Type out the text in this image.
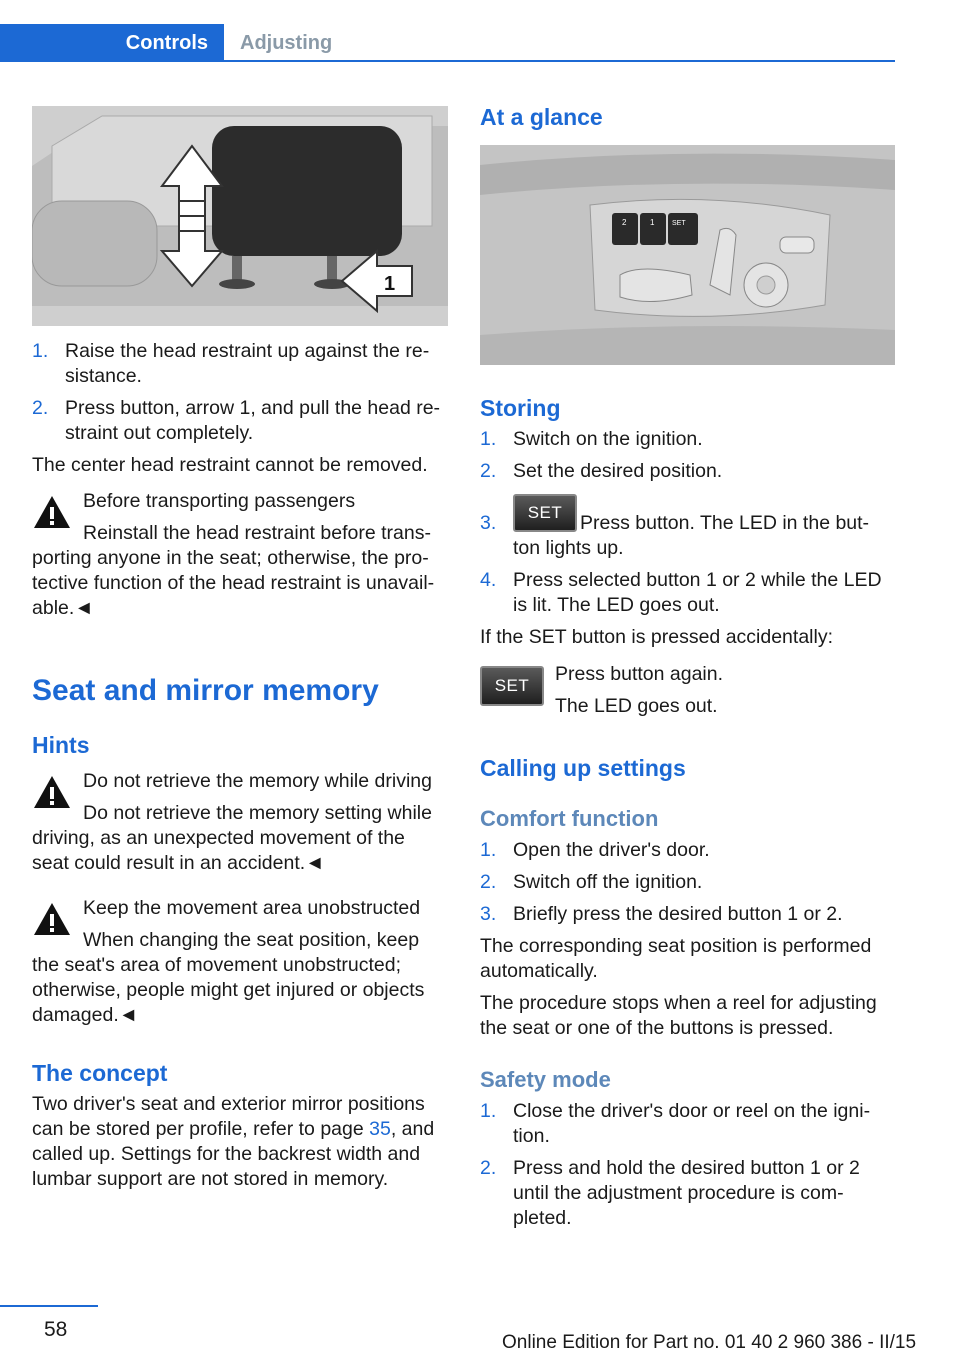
Controls	Adjusting
1
1. Raise the head restraint up against the re-
sistance.
2. Press button, arrow 1, and pull the head re-
straint out completely.
The center head restraint cannot be removed.
Before transporting passengers
Reinstall the head restraint before trans-
porting anyone in the seat; otherwise, the pro-
tective function of the head restraint is unavail-
able.◄
Seat and mirror memory
Hints
Do not retrieve the memory while driving
Do not retrieve the memory setting while
driving, as an unexpected movement of the
seat could result in an accident.◄
Keep the movement area unobstructed
When changing the seat position, keep
the seat's area of movement unobstructed;
otherwise, people might get injured or objects
damaged.◄
The concept
Two driver's seat and exterior mirror positions
can be stored per profile, refer to page 35, and
called up. Settings for the backrest width and
lumbar support are not stored in memory.
At a glance
2	1	SET
Storing
1. Switch on the ignition.
2. Set the desired position.
3.	SET Press button. The LED in the but-
ton lights up.
4. Press selected button 1 or 2 while the LED
is lit. The LED goes out.
If the SET button is pressed accidentally:
SET
Press button again.
The LED goes out.
Calling up settings
Comfort function
1. Open the driver's door.
2. Switch off the ignition.
3. Briefly press the desired button 1 or 2.
The corresponding seat position is performed
automatically.
The procedure stops when a reel for adjusting
the seat or one of the buttons is pressed.
Safety mode
1. Close the driver's door or reel on the igni-
tion.
2. Press and hold the desired button 1 or 2
until the adjustment procedure is com-
pleted.
58
Online Edition for Part no. 01 40 2 960 386 - II/15
